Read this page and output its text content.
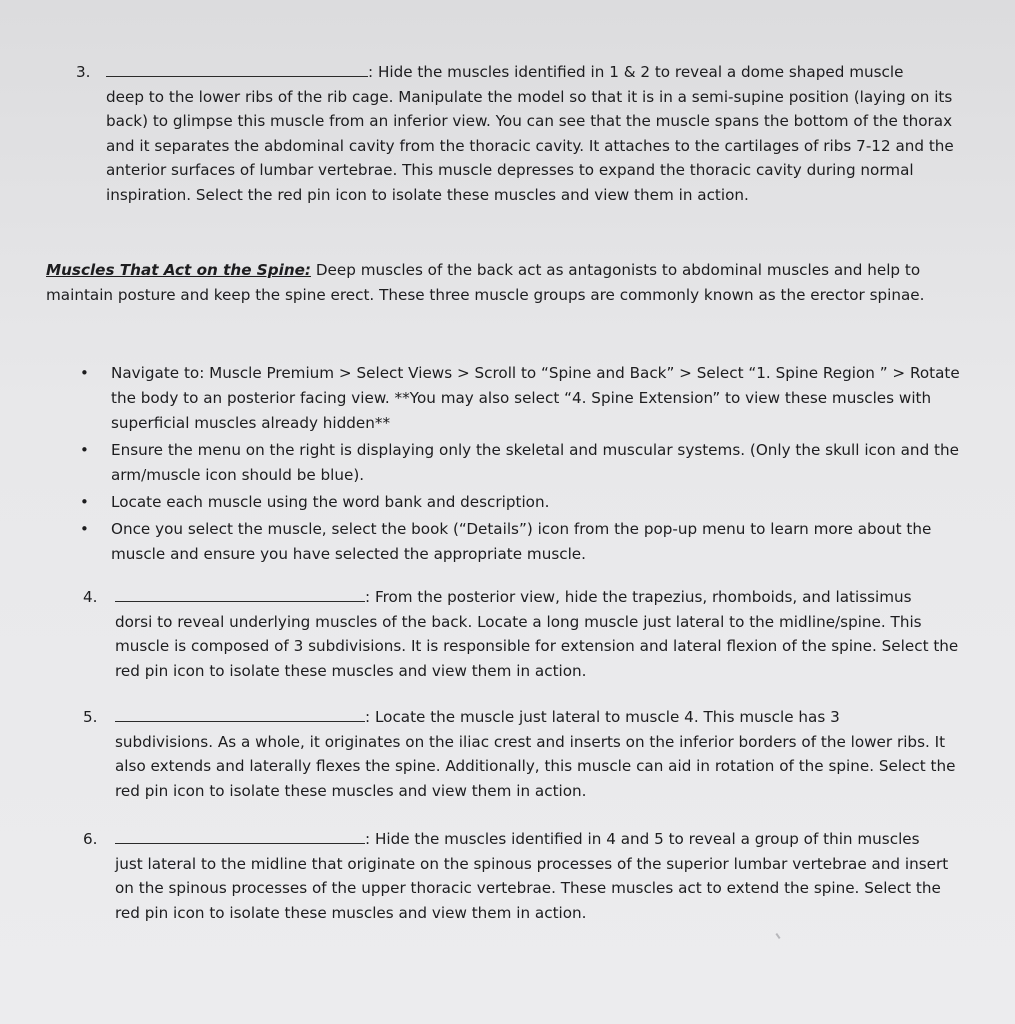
3.	: Hide the muscles identified in 1 & 2 to reveal a dome shaped muscle
deep to the lower ribs of the rib cage. Manipulate the model so that it is in a semi-supine position (laying on its back) to glimpse this muscle from an inferior view. You can see that the muscle spans the bottom of the thorax and it separates the abdominal cavity from the thoracic cavity. It attaches to the cartilages of ribs 7-12 and the anterior surfaces of lumbar vertebrae. This muscle depresses to expand the thoracic cavity during normal inspiration. Select the red pin icon to isolate these muscles and view them in action.
Muscles That Act on the Spine: Deep muscles of the back act as antagonists to abdominal muscles and help to maintain posture and keep the spine erect. These three muscle groups are commonly known as the erector spinae.
• Navigate to: Muscle Premium > Select Views > Scroll to “Spine and Back” > Select “1. Spine Region ” > Rotate the body to an posterior facing view. **You may also select “4. Spine Extension” to view these muscles with superficial muscles already hidden**
• Ensure the menu on the right is displaying only the skeletal and muscular systems. (Only the skull icon and the arm/muscle icon should be blue).
• Locate each muscle using the word bank and description.
• Once you select the muscle, select the book (“Details”) icon from the pop-up menu to learn more about the muscle and ensure you have selected the appropriate muscle.
4.	: From the posterior view, hide the trapezius, rhomboids, and latissimus
dorsi to reveal underlying muscles of the back. Locate a long muscle just lateral to the midline/spine. This muscle is composed of 3 subdivisions. It is responsible for extension and lateral flexion of the spine. Select the red pin icon to isolate these muscles and view them in action.
5.	: Locate the muscle just lateral to muscle 4. This muscle has 3
subdivisions. As a whole, it originates on the iliac crest and inserts on the inferior borders of the lower ribs. It also extends and laterally flexes the spine. Additionally, this muscle can aid in rotation of the spine. Select the red pin icon to isolate these muscles and view them in action.
6.	: Hide the muscles identified in 4 and 5 to reveal a group of thin muscles
just lateral to the midline that originate on the spinous processes of the superior lumbar vertebrae and insert on the spinous processes of the upper thoracic vertebrae. These muscles act to extend the spine. Select the red pin icon to isolate these muscles and view them in action.
